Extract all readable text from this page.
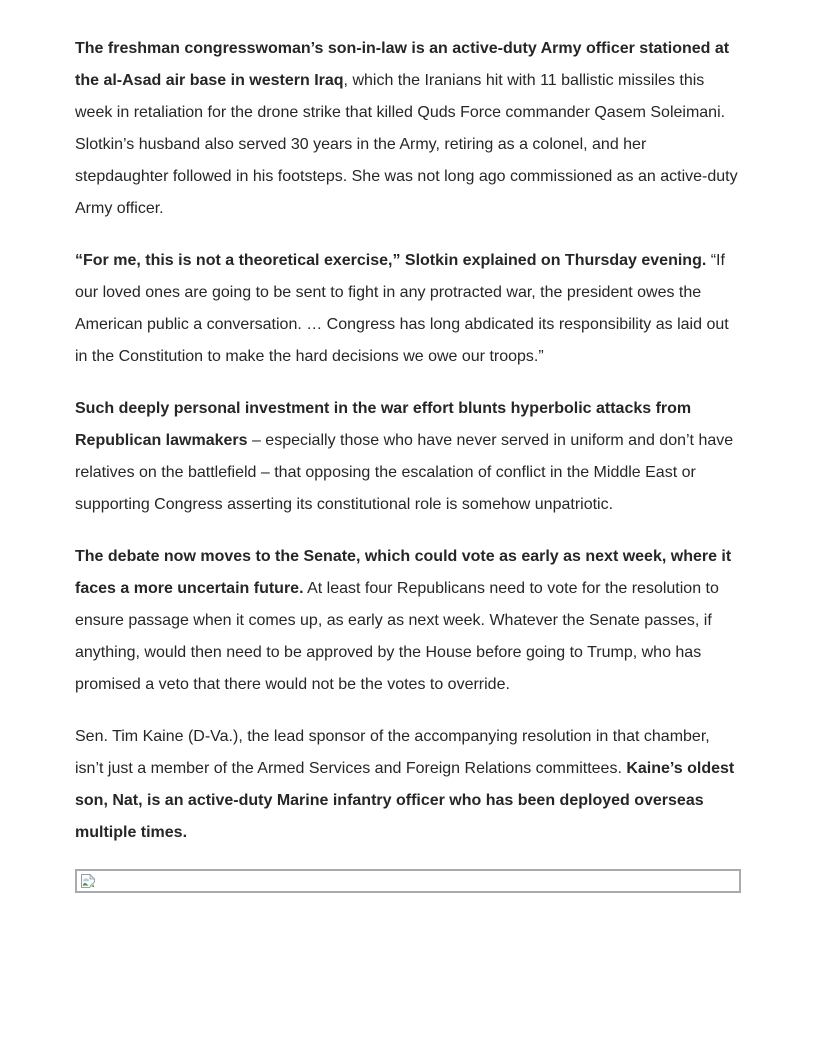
The freshman congresswoman’s son-in-law is an active-duty Army officer stationed at the al-Asad air base in western Iraq, which the Iranians hit with 11 ballistic missiles this week in retaliation for the drone strike that killed Quds Force commander Qasem Soleimani. Slotkin’s husband also served 30 years in the Army, retiring as a colonel, and her stepdaughter followed in his footsteps. She was not long ago commissioned as an active-duty Army officer.

“For me, this is not a theoretical exercise,” Slotkin explained on Thursday evening. “If our loved ones are going to be sent to fight in any protracted war, the president owes the American public a conversation. … Congress has long abdicated its responsibility as laid out in the Constitution to make the hard decisions we owe our troops.”

Such deeply personal investment in the war effort blunts hyperbolic attacks from Republican lawmakers – especially those who have never served in uniform and don’t have relatives on the battlefield – that opposing the escalation of conflict in the Middle East or supporting Congress asserting its constitutional role is somehow unpatriotic.

The debate now moves to the Senate, which could vote as early as next week, where it faces a more uncertain future. At least four Republicans need to vote for the resolution to ensure passage when it comes up, as early as next week. Whatever the Senate passes, if anything, would then need to be approved by the House before going to Trump, who has promised a veto that there would not be the votes to override.

Sen. Tim Kaine (D-Va.), the lead sponsor of the accompanying resolution in that chamber, isn’t just a member of the Armed Services and Foreign Relations committees. Kaine’s oldest son, Nat, is an active-duty Marine infantry officer who has been deployed overseas multiple times.
